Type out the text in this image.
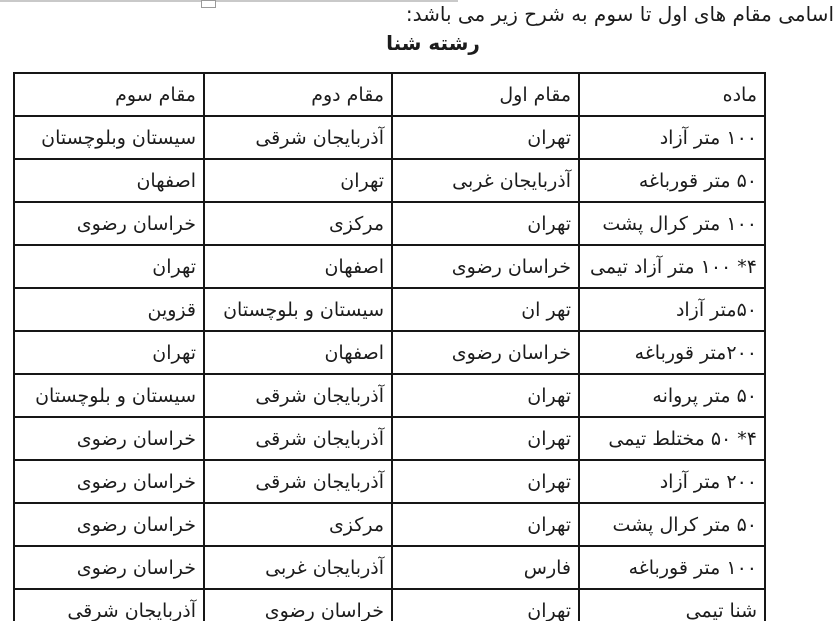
اسامی مقام های اول تا سوم به شرح زیر می باشد:
رشته شنا
ماده	مقام اول	مقام دوم	مقام سوم
۱۰۰ متر آزاد	تهران	آذربایجان شرقی	سیستان وبلوچستان
۵۰ متر قورباغه	آذربایجان غربی	تهران	اصفهان
۱۰۰ متر کرال پشت	تهران	مرکزی	خراسان رضوی
۴* ۱۰۰ متر آزاد تیمی	خراسان رضوی	اصفهان	تهران
۵۰متر آزاد	تهر ان	سیستان و بلوچستان	قزوین
۲۰۰متر قورباغه	خراسان رضوی	اصفهان	تهران
۵۰ متر پروانه	تهران	آذربایجان شرقی	سیستان و بلوچستان
۴* ۵۰ مختلط تیمی	تهران	آذربایجان شرقی	خراسان رضوی
۲۰۰ متر آزاد	تهران	آذربایجان شرقی	خراسان رضوی
۵۰ متر کرال پشت	تهران	مرکزی	خراسان رضوی
۱۰۰ متر قورباغه	فارس	آذربایجان غربی	خراسان رضوی
شنا تیمی	تهران	خراسان رضوی	آذربایجان شرقی
